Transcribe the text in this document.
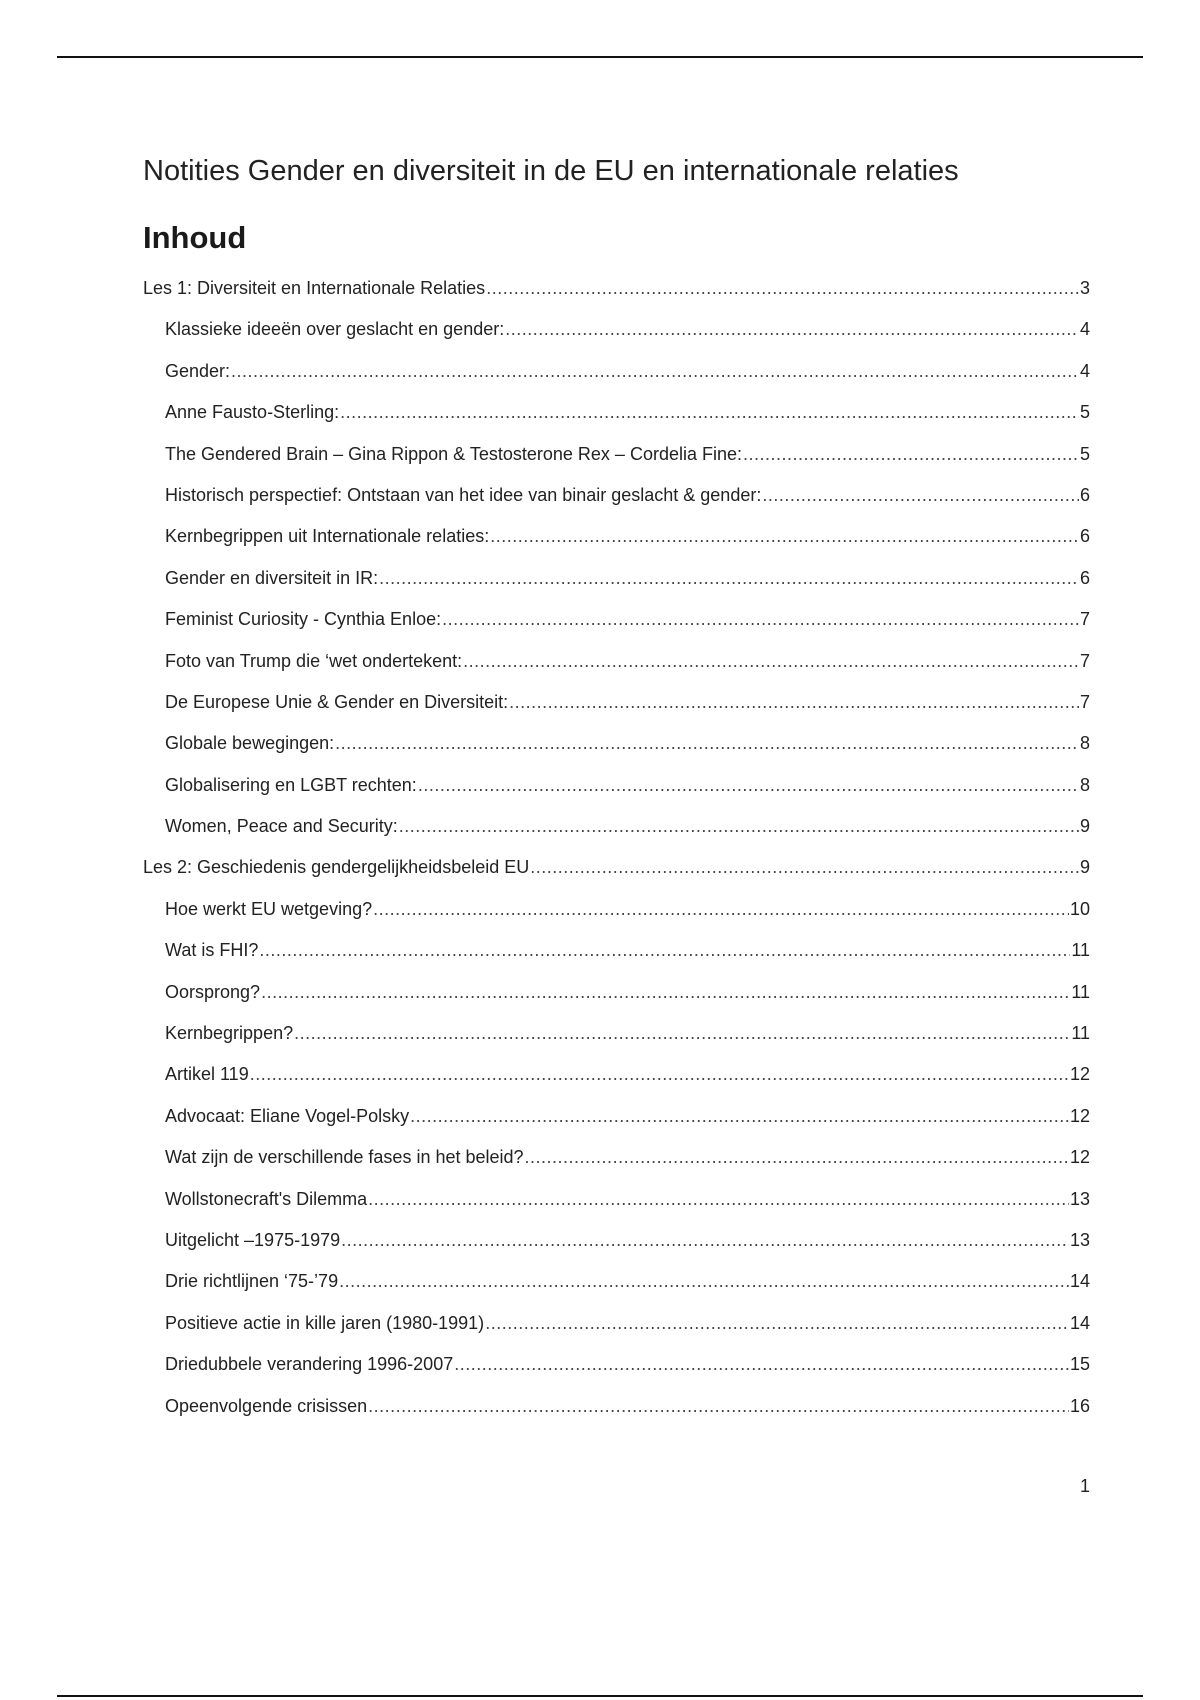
Notities Gender en diversiteit in de EU en internationale relaties
Inhoud
Les 1: Diversiteit en Internationale Relaties .....	3
Klassieke ideeën over geslacht en gender: .....	4
Gender: .....	4
Anne Fausto-Sterling: .....	5
The Gendered Brain – Gina Rippon & Testosterone Rex – Cordelia Fine: .....	5
Historisch perspectief: Ontstaan van het idee van binair geslacht & gender: .....	6
Kernbegrippen uit Internationale relaties: .....	6
Gender en diversiteit in IR: .....	6
Feminist Curiosity - Cynthia Enloe: .....	7
Foto van Trump die ‘wet ondertekent: .....	7
De Europese Unie & Gender en Diversiteit: .....	7
Globale bewegingen: .....	8
Globalisering en LGBT rechten: .....	8
Women, Peace and Security: .....	9
Les 2: Geschiedenis gendergelijkheidsbeleid EU .....	9
Hoe werkt EU wetgeving? .....	10
Wat is FHI? .....	11
Oorsprong? .....	11
Kernbegrippen? .....	11
Artikel 119 .....	12
Advocaat: Eliane Vogel-Polsky .....	12
Wat zijn de verschillende fases in het beleid? .....	12
Wollstonecraft's Dilemma .....	13
Uitgelicht –1975-1979 .....	13
Drie richtlijnen ‘75-’79 .....	14
Positieve actie in kille jaren (1980-1991) .....	14
Driedubbele verandering 1996-2007 .....	15
Opeenvolgende crisissen .....	16
1
